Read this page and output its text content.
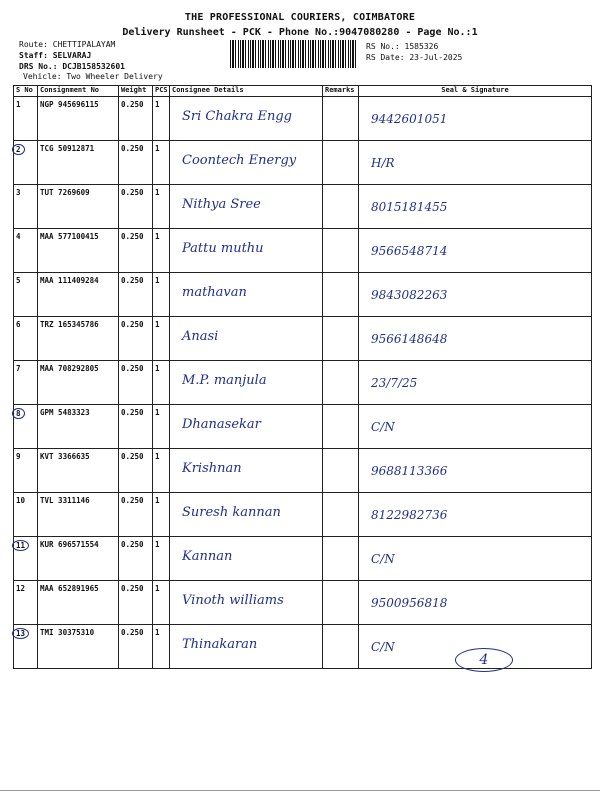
THE PROFESSIONAL COURIERS, COIMBATORE
Delivery Runsheet - PCK - Phone No.:9047080280 - Page No.:1
Route: CHETTIPALAYAM
Staff: SELVARAJ
DRS No.: DCJB158532601
Vehicle: Two Wheeler Delivery
RS No.: 1585326
RS Date: 23-Jul-2025
S No	Consignment No	Weight	PCS	Consignee Details	Remarks	Seal & Signature
1	NGP 945696115	0.250	1	Sri Chakra Engg		9442601051

2	TCG 50912871	0.250	1	Coontech Energy		H/R

3	TUT 7269609	0.250	1	Nithya Sree		8015181455

4	MAA 577100415	0.250	1	Pattu muthu		9566548714

5	MAA 111409284	0.250	1	mathavan		9843082263

6	TRZ 165345786	0.250	1	Anasi		9566148648

7	MAA 708292805	0.250	1	M.P. manjula		23/7/25

8	GPM 5483323	0.250	1	Dhanasekar		C/N

9	KVT 3366635	0.250	1	Krishnan		9688113366

10	TVL 3311146	0.250	1	Suresh kannan		8122982736

11	KUR 696571554	0.250	1	Kannan		C/N

12	MAA 652891965	0.250	1	Vinoth williams		9500956818

13	TMI 30375310	0.250	1	Thinakaran		C/N
4
